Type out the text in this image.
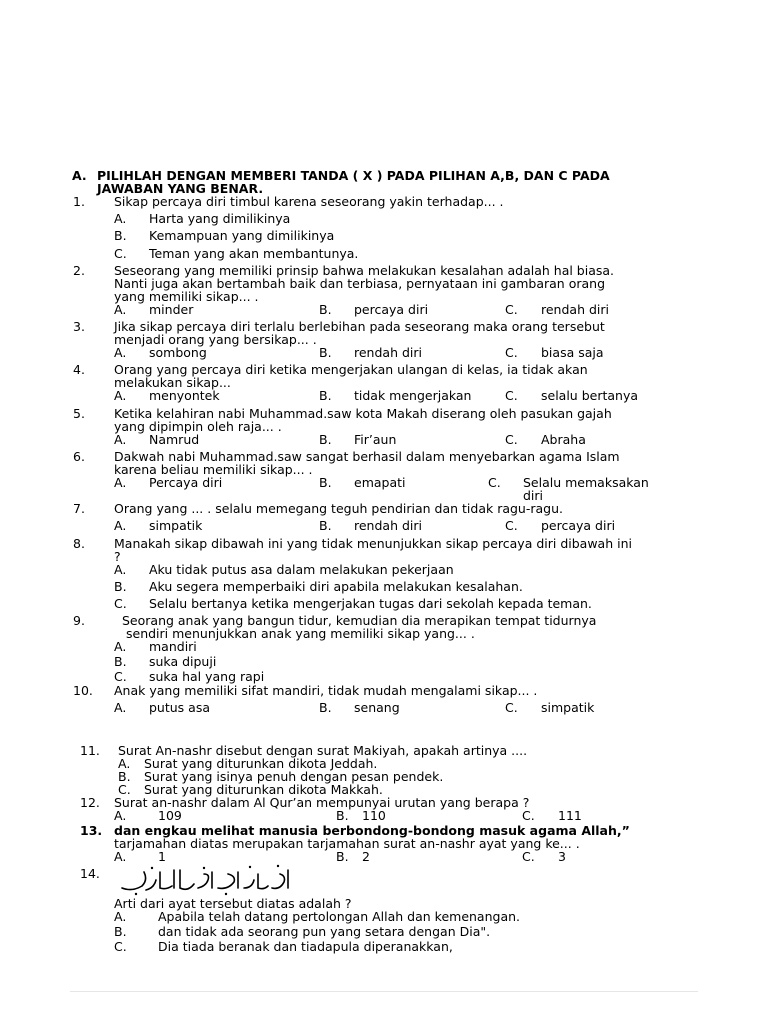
A. PILIHLAH DENGAN MEMBERI TANDA ( X ) PADA PILIHAN A,B, DAN C PADA
JAWABAN YANG BENAR.
1. Sikap percaya diri timbul karena seseorang yakin terhadap... .
A. Harta yang dimilikinya
B. Kemampuan yang dimilikinya
C. Teman yang akan membantunya.
2. Seseorang yang memiliki prinsip bahwa melakukan kesalahan adalah hal biasa.
Nanti juga akan bertambah baik dan terbiasa, pernyataan ini gambaran orang
yang memiliki sikap... .
A. minder	B. percaya diri	C. rendah diri
3. Jika sikap percaya diri terlalu berlebihan pada seseorang maka orang tersebut
menjadi orang yang bersikap... .
A. sombong	B. rendah diri	C. biasa saja
4. Orang yang percaya diri ketika mengerjakan ulangan di kelas, ia tidak akan
melakukan sikap...
A. menyontek	B. tidak mengerjakan	C. selalu bertanya
5. Ketika kelahiran nabi Muhammad.saw kota Makah diserang oleh pasukan gajah
yang dipimpin oleh raja... .
A. Namrud	B. Fir’aun	C. Abraha
6. Dakwah nabi Muhammad.saw sangat berhasil dalam menyebarkan agama Islam
karena beliau memiliki sikap... .
A. Percaya diri	B. emapati	C. Selalu memaksakan
diri
7. Orang yang ... . selalu memegang teguh pendirian dan tidak ragu-ragu.
A. simpatik	B. rendah diri	C. percaya diri
8. Manakah sikap dibawah ini yang tidak menunjukkan sikap percaya diri dibawah ini
?
A. Aku tidak putus asa dalam melakukan pekerjaan
B. Aku segera memperbaiki diri apabila melakukan kesalahan.
C. Selalu bertanya ketika mengerjakan tugas dari sekolah kepada teman.
9.	Seorang anak yang bangun tidur, kemudian dia merapikan tempat tidurnya
sendiri menunjukkan anak yang memiliki sikap yang... .
A. mandiri
B. suka dipuji
C. suka hal yang rapi
10. Anak yang memiliki sifat mandiri, tidak mudah mengalami sikap... .
A. putus asa	B. senang	C. simpatik
11. Surat An-nashr disebut dengan surat Makiyah, apakah artinya ....
A. Surat yang diturunkan dikota Jeddah.
B. Surat yang isinya penuh dengan pesan pendek.
C. Surat yang diturunkan dikota Makkah.
12. Surat an-nashr dalam Al Qur’an mempunyai urutan yang berapa ?
A.	109	B. 110	C. 111
13. dan engkau melihat manusia berbondong-bondong masuk agama Allah,”
tarjamahan diatas merupakan tarjamahan surat an-nashr ayat yang ke... .
A.	1	B. 2	C. 3
14.
Arti dari ayat tersebut diatas adalah ?
A.	Apabila telah datang pertolongan Allah dan kemenangan.
B.	dan tidak ada seorang pun yang setara dengan Dia".
C.	Dia tiada beranak dan tiadapula diperanakkan,
